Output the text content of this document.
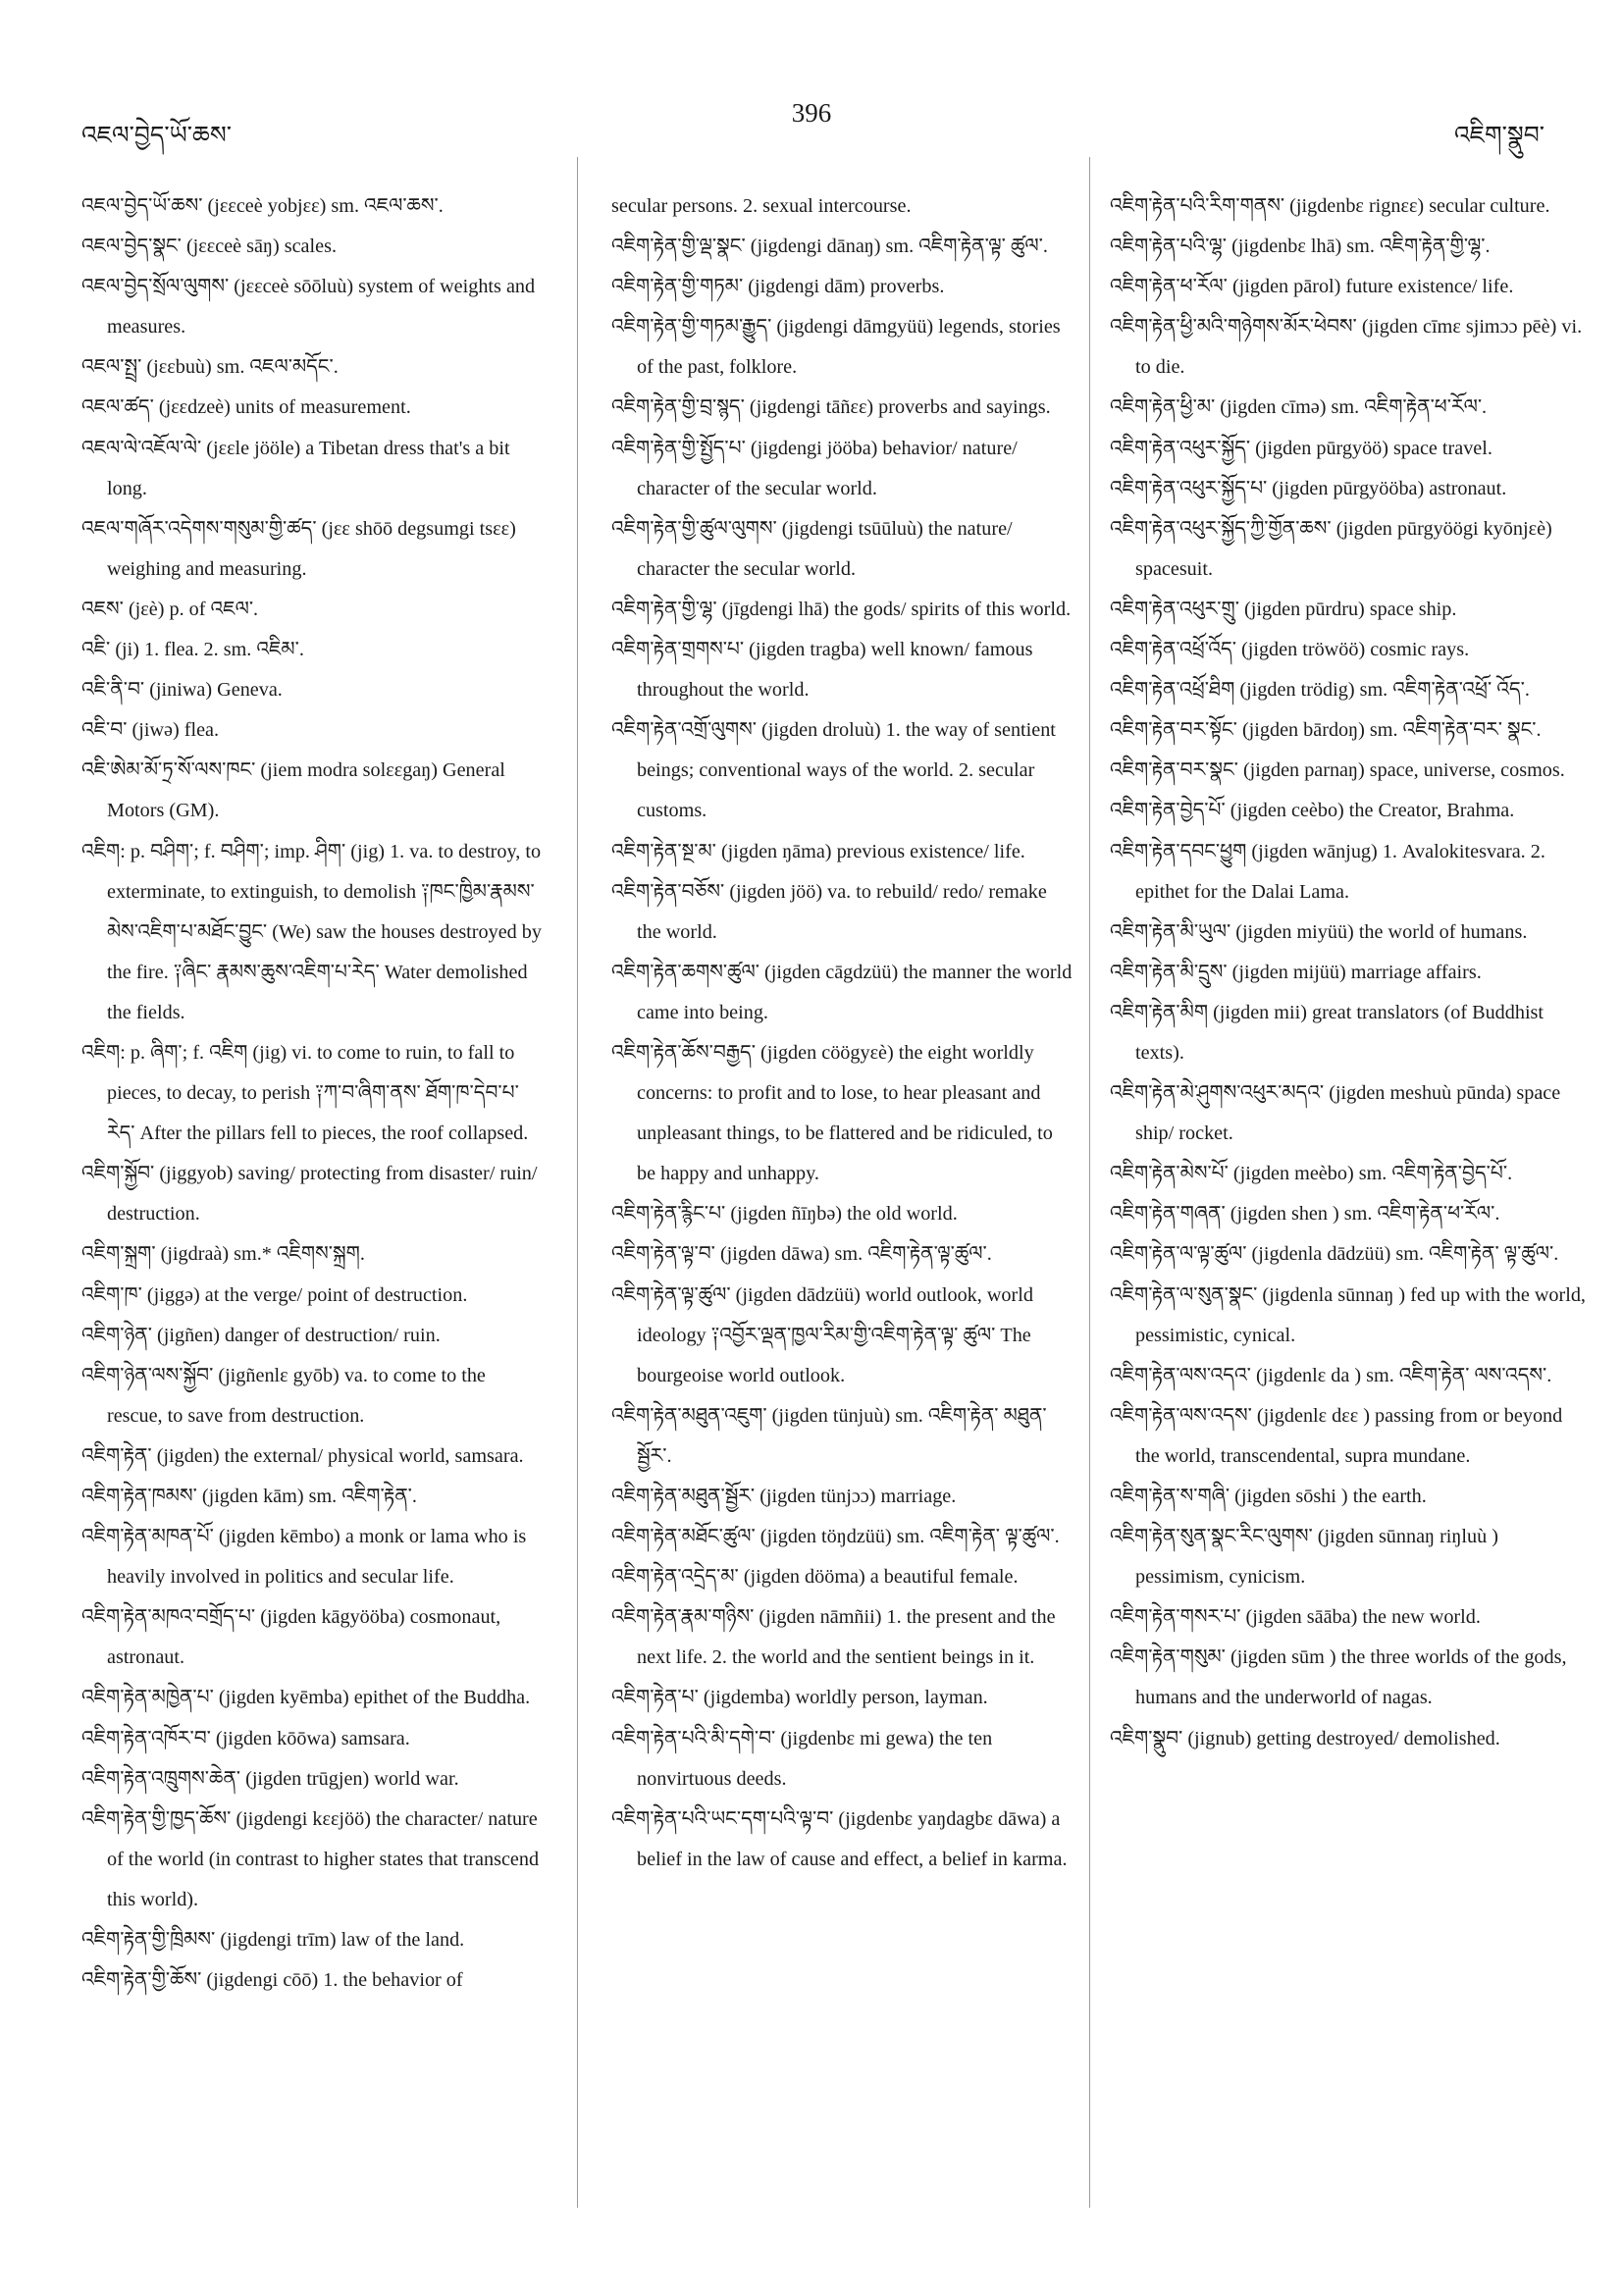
འཇལ་བྱེད་ཡོ་ཆས་
396
འཇིག་སྣུབ་

འཇལ་བྱེད་ཡོ་ཆས་ (jɛɛceè yobjɛɛ) sm. འཇལ་ཆས་.

འཇལ་བྱེད་སྣང་ (jɛɛceè sāŋ) scales.

འཇལ་བྱེད་སྲོལ་ལུགས་ (jɛɛceè sōōluù) system of weights and measures.

འཇལ་སྤྲ་ (jɛɛbuù) sm. འཇལ་མདོང་.

འཇལ་ཚད་ (jɛɛdzeè) units of measurement.

འཇལ་ལེ་འཇོལ་ལེ་ (jɛɛle jööle) a Tibetan dress that's a bit long.

འཇལ་གཞོར་འདེགས་གསུམ་གྱི་ཚད་ (jɛɛ shōō degsumgi tsɛɛ) weighing and measuring.

འཇས་ (jɛè) p. of འཇལ་.

འཇི་ (ji) 1. flea. 2. sm. འཇིམ་.

འཇི་ནི་བ་ (jiniwa) Geneva.

འཇི་བ་ (jiwə) flea.

འཇི་ཨེམ་མོ་ཏྲ་སོ་ལས་ཁང་ (jiem modra solɛɛgaŋ) General Motors (GM).

འཇིག: p. བཤིག་; f. བཤིག་; imp. ཤིག་ (jig) 1. va. to destroy, to exterminate, to extinguish, to demolish ༑ཁང་ཁྱིམ་རྣམས་མེས་འཇིག་པ་མཐོང་བྱུང་ (We) saw the houses destroyed by the fire. ༑ཞིང་ རྣམས་ཆུས་འཇིག་པ་རེད་ Water demolished the fields.

འཇིག: p. ཞིག་; f. འཇིག (jig) vi. to come to ruin, to fall to pieces, to decay, to perish ༑ཀ་བ་ཞིག་ནས་ ཐོག་ཁ་དེབ་པ་རེད་ After the pillars fell to pieces, the roof collapsed.

འཇིག་སྐྱོབ་ (jiggyob) saving/ protecting from disaster/ ruin/ destruction.

འཇིག་སྐྲག་ (jigdraà) sm.* འཇིགས་སྐྲག.

འཇིག་ཁ་ (jiggə) at the verge/ point of destruction.

འཇིག་ཉེན་ (jigñen) danger of destruction/ ruin.

འཇིག་ཉེན་ལས་སྐྱོབ་ (jigñenlɛ gyōb) va. to come to the rescue, to save from destruction.

འཇིག་རྟེན་ (jigden) the external/ physical world, samsara.

འཇིག་རྟེན་ཁམས་ (jigden kām) sm. འཇིག་རྟེན་.

འཇིག་རྟེན་མཁན་པོ་ (jigden kēmbo) a monk or lama who is heavily involved in politics and secular life.

འཇིག་རྟེན་མཁའ་བགྲོད་པ་ (jigden kāgyööba) cosmonaut, astronaut.

འཇིག་རྟེན་མཁྱེན་པ་ (jigden kyēmba) epithet of the Buddha.

འཇིག་རྟེན་འཁོར་བ་ (jigden kōōwa) samsara.

འཇིག་རྟེན་འཁྲུགས་ཆེན་ (jigden trūgjen) world war.

འཇིག་རྟེན་གྱི་ཁྱད་ཆོས་ (jigdengi kɛɛjöö) the character/ nature of the world (in contrast to higher states that transcend this world).

འཇིག་རྟེན་གྱི་ཁྲིམས་ (jigdengi trīm) law of the land.

འཇིག་རྟེན་གྱི་ཆོས་ (jigdengi cōō) 1. the behavior of

secular persons. 2. sexual intercourse.

འཇིག་རྟེན་གྱི་ལྡ་སྣང་ (jigdengi dānaŋ) sm. འཇིག་རྟེན་ལྟ་ ཚུལ་.

འཇིག་རྟེན་གྱི་གཏམ་ (jigdengi dām) proverbs.

འཇིག་རྟེན་གྱི་གཏམ་རྒྱུད་ (jigdengi dāmgyüü) legends, stories of the past, folklore.

འཇིག་རྟེན་གྱི་བྲ་སྙད་ (jigdengi tāñɛɛ) proverbs and sayings.

འཇིག་རྟེན་གྱི་སྤྱོད་པ་ (jigdengi jööba) behavior/ nature/ character of the secular world.

འཇིག་རྟེན་གྱི་ཚུལ་ལུགས་ (jigdengi tsūūluù) the nature/ character the secular world.

འཇིག་རྟེན་གྱི་ལྷ་ (jīgdengi lhā) the gods/ spirits of this world.

འཇིག་རྟེན་གྲགས་པ་ (jigden tragba) well known/ famous throughout the world.

འཇིག་རྟེན་འགྲོ་ལུགས་ (jigden droluù) 1. the way of sentient beings; conventional ways of the world. 2. secular customs.

འཇིག་རྟེན་སྔ་མ་ (jigden ŋāma) previous existence/ life.

འཇིག་རྟེན་བཅོས་ (jigden jöö) va. to rebuild/ redo/ remake the world.

འཇིག་རྟེན་ཆགས་ཚུལ་ (jigden cāgdzüü) the manner the world came into being.

འཇིག་རྟེན་ཆོས་བརྒྱད་ (jigden cöögyɛè) the eight worldly concerns: to profit and to lose, to hear pleasant and unpleasant things, to be flattered and be ridiculed, to be happy and unhappy.

འཇིག་རྟེན་རྙིང་པ་ (jigden ñīŋbə) the old world.

འཇིག་རྟེན་ལྟ་བ་ (jigden dāwa) sm. འཇིག་རྟེན་ལྟ་ཚུལ་.

འཇིག་རྟེན་ལྟ་ཚུལ་ (jigden dādzüü) world outlook, world ideology ༑འབྱོར་ལྡན་ཁྱལ་རིམ་གྱི་འཇིག་རྟེན་ལྟ་ ཚུལ་ The bourgeoise world outlook.

འཇིག་རྟེན་མཐུན་འཇུག་ (jigden tünjuù) sm. འཇིག་རྟེན་ མཐུན་སྦྱོར་.

འཇིག་རྟེན་མཐུན་སྦྱོར་ (jigden tünjɔɔ) marriage.

འཇིག་རྟེན་མཐོང་ཚུལ་ (jigden töŋdzüü) sm. འཇིག་རྟེན་ ལྟ་ཚུལ་.

འཇིག་རྟེན་འདྲེད་མ་ (jigden dööma) a beautiful female.

འཇིག་རྟེན་རྣམ་གཉིས་ (jigden nāmñii) 1. the present and the next life. 2. the world and the sentient beings in it.

འཇིག་རྟེན་པ་ (jigdemba) worldly person, layman.

འཇིག་རྟེན་པའི་མི་དགེ་བ་ (jigdenbɛ mi gewa) the ten nonvirtuous deeds.

འཇིག་རྟེན་པའི་ཡང་དག་པའི་ལྟ་བ་ (jigdenbɛ yaŋdagbɛ dāwa) a belief in the law of cause and effect, a belief in karma.

འཇིག་རྟེན་པའི་རིག་གནས་ (jigdenbɛ rignɛɛ) secular culture.

འཇིག་རྟེན་པའི་ལྷ་ (jigdenbɛ lhā) sm. འཇིག་རྟེན་གྱི་ལྷ་.

འཇིག་རྟེན་ཕ་རོལ་ (jigden pārol) future existence/ life.

འཇིག་རྟེན་ཕྱི་མའི་གཉེགས་མོར་ཕེབས་ (jigden cīmɛ sjimɔɔ pēè) vi. to die.

འཇིག་རྟེན་ཕྱི་མ་ (jigden cīmə) sm. འཇིག་རྟེན་ཕ་རོལ་.

འཇིག་རྟེན་འཕུར་སྐྱོད་ (jigden pūrgyöö) space travel.

འཇིག་རྟེན་འཕུར་སྐྱོད་པ་ (jigden pūrgyööba) astronaut.

འཇིག་རྟེན་འཕུར་སྐྱོད་ཀྱི་གྱོན་ཆས་ (jigden pūrgyöögi kyōnjɛè) spacesuit.

འཇིག་རྟེན་འཕུར་གྲུ་ (jigden pūrdru) space ship.

འཇིག་རྟེན་འཕྲོ་འོད་ (jigden tröwöö) cosmic rays.

འཇིག་རྟེན་འཕྲོ་ཐིག (jigden trödig) sm. འཇིག་རྟེན་འཕྲོ་ འོད་.

འཇིག་རྟེན་བར་སྟོང་ (jigden bārdoŋ) sm. འཇིག་རྟེན་བར་ སྣང་.

འཇིག་རྟེན་བར་སྣང་ (jigden parnaŋ) space, universe, cosmos.

འཇིག་རྟེན་བྱེད་པོ་ (jigden ceèbo) the Creator, Brahma.

འཇིག་རྟེན་དབང་ཕྱུག (jigden wānjug) 1. Avalokitesvara. 2. epithet for the Dalai Lama.

འཇིག་རྟེན་མི་ཡུལ་ (jigden miyüü) the world of humans.

འཇིག་རྟེན་མི་དྲུས་ (jigden mijüü) marriage affairs.

འཇིག་རྟེན་མིག (jigden mii) great translators (of Buddhist texts).

འཇིག་རྟེན་མེ་ཤུགས་འཕུར་མདའ་ (jigden meshuù pūnda) space ship/ rocket.

འཇིག་རྟེན་མེས་པོ་ (jigden meèbo) sm. འཇིག་རྟེན་བྱེད་པོ་.

འཇིག་རྟེན་གཞན་ (jigden shen ) sm. འཇིག་རྟེན་ཕ་རོལ་.

འཇིག་རྟེན་ལ་ལྟ་ཚུལ་ (jigdenla dādzüü) sm. འཇིག་རྟེན་ ལྟ་ཚུལ་.

འཇིག་རྟེན་ལ་སུན་སྣང་ (jigdenla sūnnaŋ ) fed up with the world, pessimistic, cynical.

འཇིག་རྟེན་ལས་འདའ་ (jigdenlɛ da ) sm. འཇིག་རྟེན་ ལས་འདས་.

འཇིག་རྟེན་ལས་འདས་ (jigdenlɛ dɛɛ ) passing from or beyond the world, transcendental, supra mundane.

འཇིག་རྟེན་ས་གཞི་ (jigden sōshi ) the earth.

འཇིག་རྟེན་སུན་སྣང་རིང་ལུགས་ (jigden sūnnaŋ riŋluù ) pessimism, cynicism.

འཇིག་རྟེན་གསར་པ་ (jigden sāāba) the new world.

འཇིག་རྟེན་གསུམ་ (jigden sūm ) the three worlds of the gods, humans and the underworld of nagas.

འཇིག་སྣུབ་ (jignub) getting destroyed/ demolished.
